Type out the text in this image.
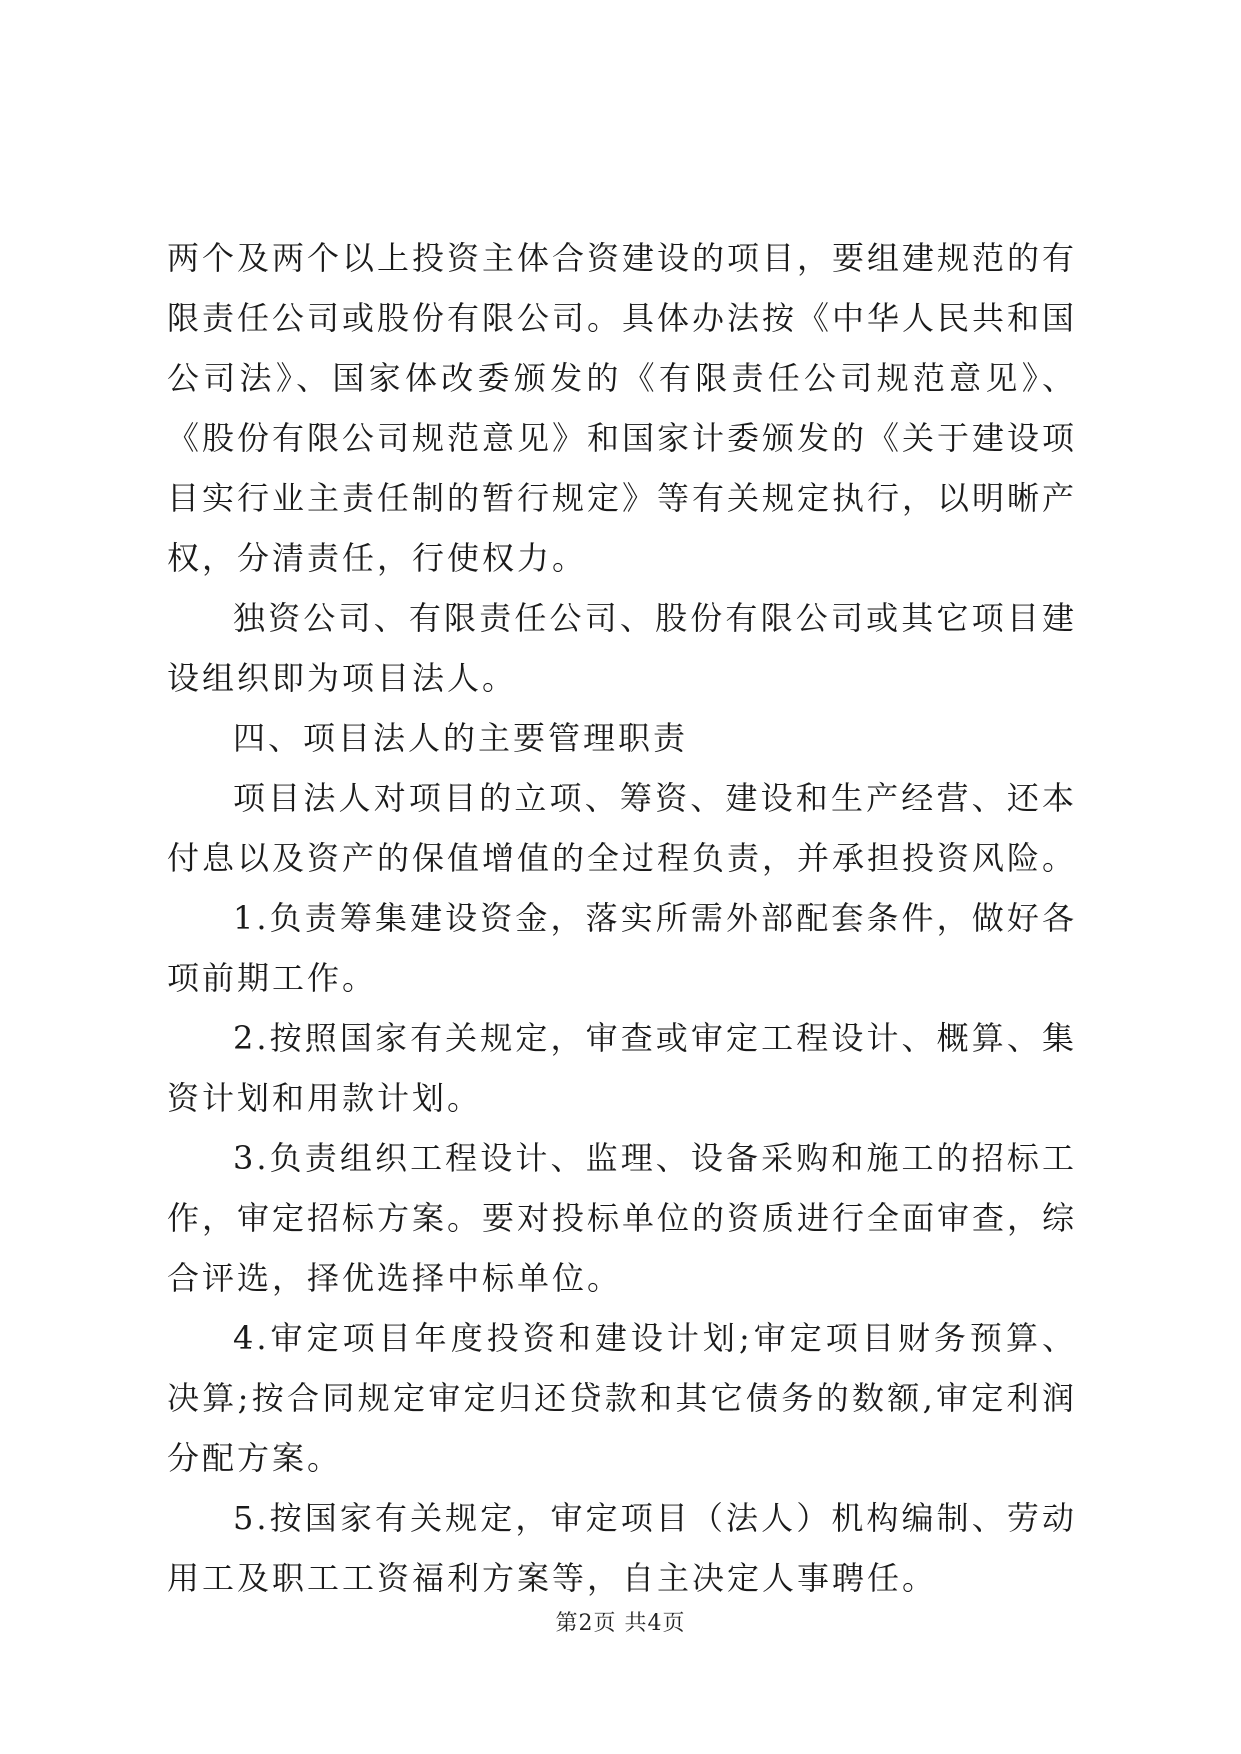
两个及两个以上投资主体合资建设的项目，要组建规范的有限责任公司或股份有限公司。具体办法按《中华人民共和国公司法》、国家体改委颁发的《有限责任公司规范意见》、《股份有限公司规范意见》和国家计委颁发的《关于建设项目实行业主责任制的暂行规定》等有关规定执行，以明晰产权，分清责任，行使权力。

独资公司、有限责任公司、股份有限公司或其它项目建设组织即为项目法人。

四、项目法人的主要管理职责

项目法人对项目的立项、筹资、建设和生产经营、还本付息以及资产的保值增值的全过程负责，并承担投资风险。

1.负责筹集建设资金，落实所需外部配套条件，做好各项前期工作。

2.按照国家有关规定，审查或审定工程设计、概算、集资计划和用款计划。

3.负责组织工程设计、监理、设备采购和施工的招标工作，审定招标方案。要对投标单位的资质进行全面审查，综合评选，择优选择中标单位。

4.审定项目年度投资和建设计划;审定项目财务预算、决算;按合同规定审定归还贷款和其它债务的数额,审定利润分配方案。

5.按国家有关规定，审定项目（法人）机构编制、劳动用工及职工工资福利方案等，自主决定人事聘任。

第2页 共4页
